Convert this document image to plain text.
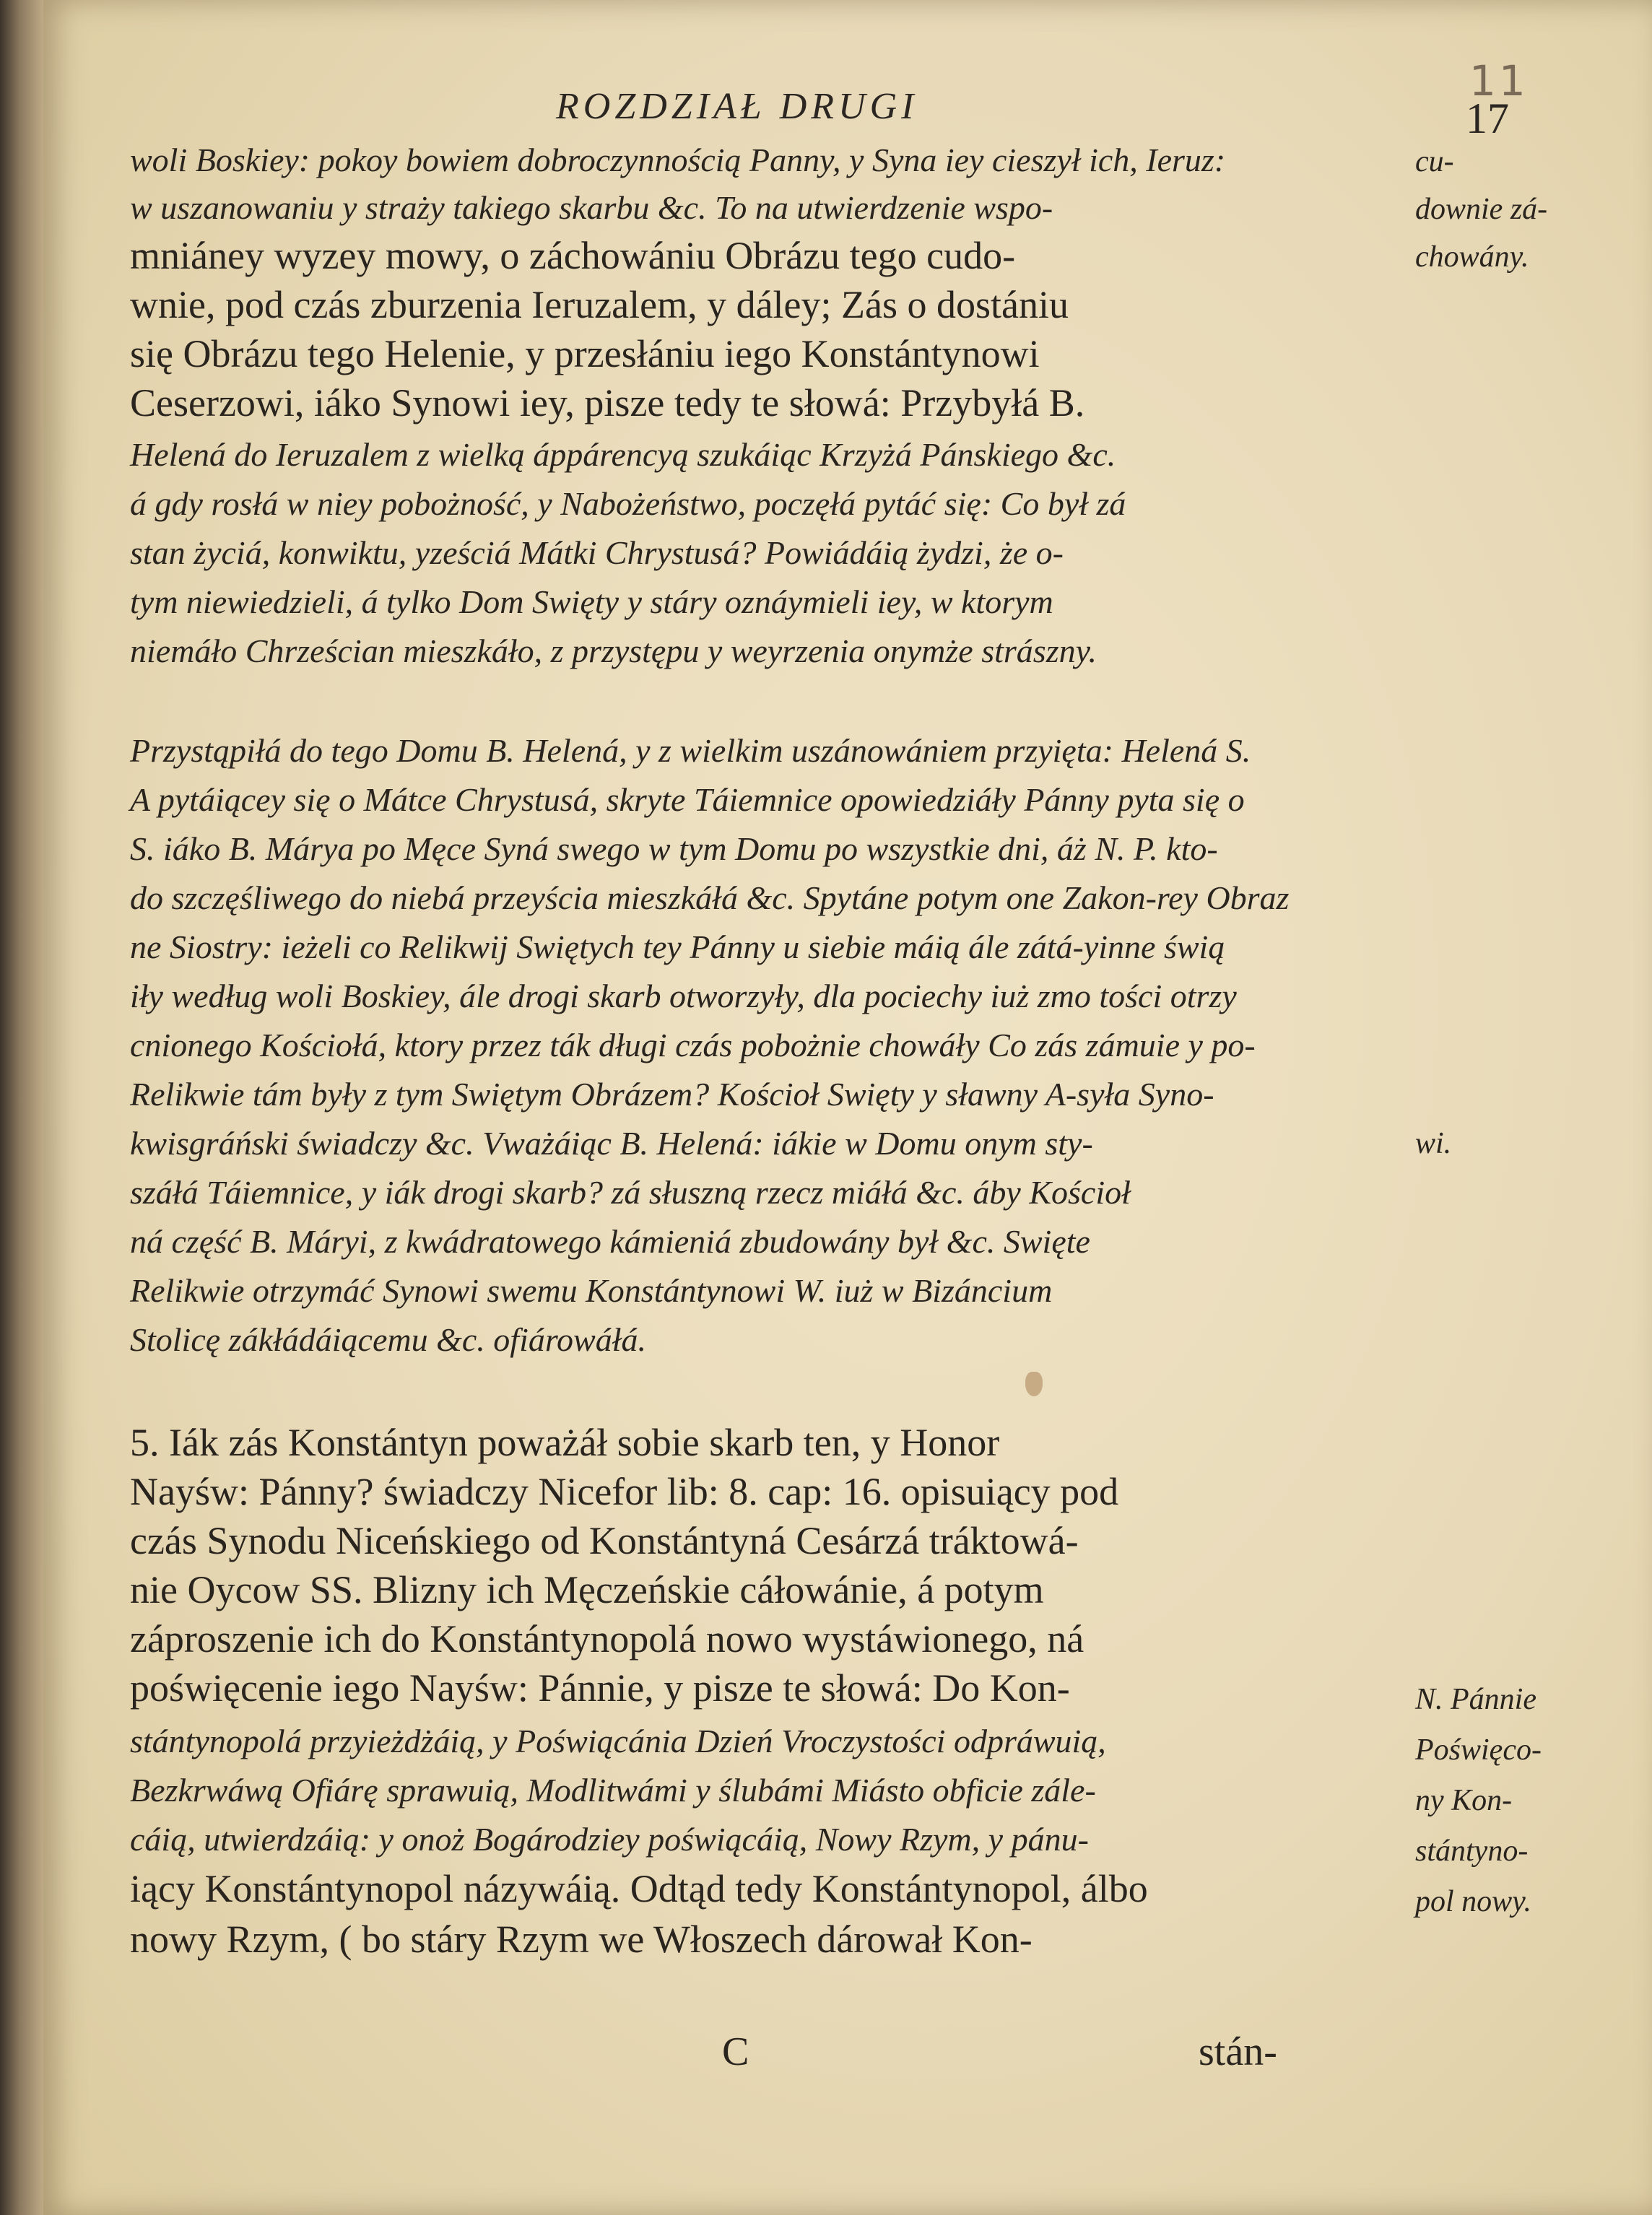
11
ROZDZIAŁ DRUGI	17
woli Boskiey: pokoy bowiem dobroczynnością Panny, y Syna iey cieszył ich, Ieruz:
w uszanowaniu y straży takiego skarbu &c. To na utwierdzenie wspo-
mniáney wyzey mowy, o záchowániu Obrázu tego cudo-
wnie, pod czás zburzenia Ieruzalem, y dáley; Zás o dostániu
się Obrázu tego Helenie, y przesłániu iego Konstántynowi
Ceserzowi, iáko Synowi iey, pisze tedy te słowá: Przybyłá B.
Helená do Ieruzalem z wielką áppárencyą szukáiąc Krzyżá Pánskiego &c.
á gdy rosłá w niey pobożność, y Nabożeństwo, poczęłá pytáć się: Co był zá
stan życiá, konwiktu, yześciá Mátki Chrystusá? Powiádáią żydzi, że o-
tym niewiedzieli, á tylko Dom Swięty y stáry oznáymieli iey, w ktorym
niemáło Chrześcian mieszkáło, z przystępu y weyrzenia onymże strászny.
Przystąpiłá do tego Domu B. Helená, y z wielkim uszánowániem przyięta: Helená S.
A pytáiącey się o Mátce Chrystusá, skryte Táiemnice opowiedziáły Pánny pyta się o
S. iáko B. Márya po Męce Syná swego w tym Domu po wszystkie dni, áż N. P. kto-
do szczęśliwego do niebá przeyścia mieszkáłá &c. Spytáne potym one Zakon-rey Obraz
ne Siostry: ieżeli co Relikwij Swiętych tey Pánny u siebie máią ále zátá-yinne świą
iły według woli Boskiey, ále drogi skarb otworzyły, dla pociechy iuż zmo tości otrzy
cnionego Kościołá, ktory przez ták długi czás pobożnie chowáły Co zás zámuie y po-
Relikwie tám były z tym Swiętym Obrázem? Kościoł Swięty y sławny A-syła Syno-
kwisgráński świadczy &c. Vważáiąc B. Helená: iákie w Domu onym sty-
száłá Táiemnice, y iák drogi skarb? zá słuszną rzecz miáłá &c. áby Kościoł
ná część B. Máryi, z kwádratowego kámieniá zbudowány był &c. Swięte
Relikwie otrzymáć Synowi swemu Konstántynowi W. iuż w Bizáncium
Stolicę zákłádáiącemu &c. ofiárowáłá.
5. Iák zás Konstántyn poważáł sobie skarb ten, y Honor
Nayśw: Pánny? świadczy Nicefor lib: 8. cap: 16. opisuiący pod
czás Synodu Niceńskiego od Konstántyná Cesárzá tráktowá-
nie Oycow SS. Blizny ich Męczeńskie cáłowánie, á potym
záproszenie ich do Konstántynopolá nowo wystáwionego, ná
poświęcenie iego Nayśw: Pánnie, y pisze te słowá: Do Kon-
stántynopolá przyieżdżáią, y Poświącánia Dzień Vroczystości odpráwuią,
Bezkrwáwą Ofiárę sprawuią, Modlitwámi y ślubámi Miásto obficie zále-
cáią, utwierdzáią: y onoż Bogárodziey poświącáią, Nowy Rzym, y pánu-
iący Konstántynopol názywáią. Odtąd tedy Konstántynopol, álbo
nowy Rzym, ( bo stáry Rzym we Włoszech dárował Kon-
cu-
downie zá-
chowány.
wi.
N. Pánnie
Poświęco-
ny Kon-
stántyno-
pol nowy.
C	stán-
